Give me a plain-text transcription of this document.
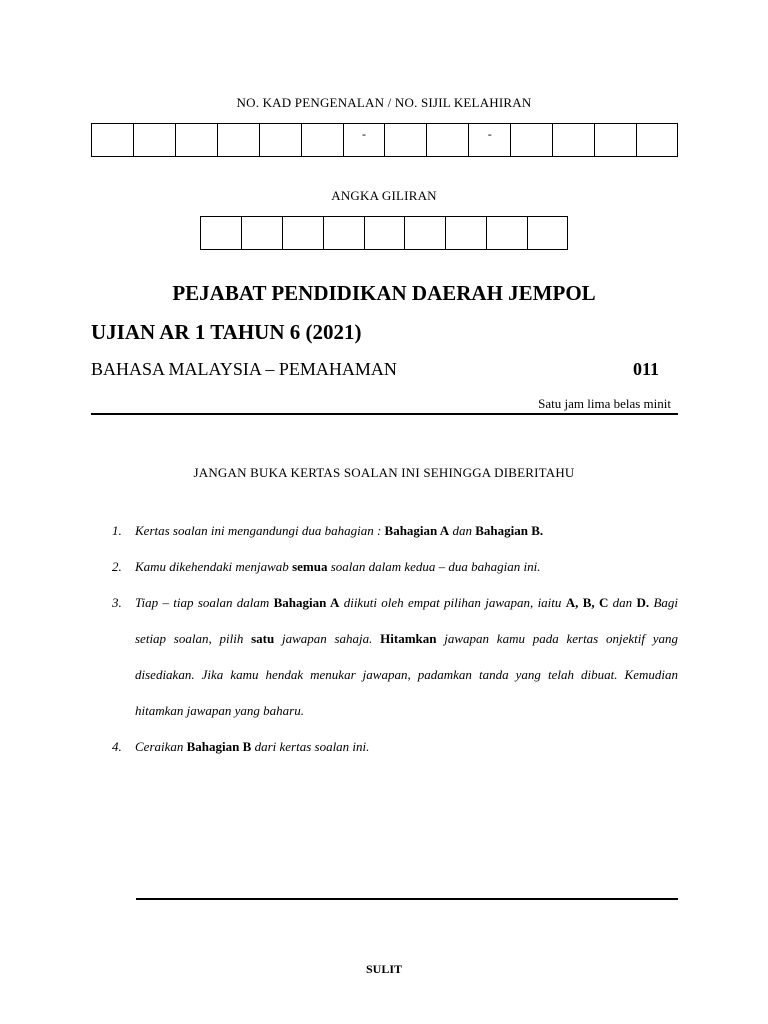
NO. KAD PENGENALAN / NO. SIJIL KELAHIRAN
-	-
ANGKA GILIRAN
PEJABAT PENDIDIKAN DAERAH JEMPOL
UJIAN AR 1 TAHUN 6 (2021)
BAHASA MALAYSIA – PEMAHAMAN	011
Satu jam lima belas minit
JANGAN BUKA KERTAS SOALAN INI SEHINGGA DIBERITAHU
1. Kertas soalan ini mengandungi dua bahagian : Bahagian A dan Bahagian B.
2. Kamu dikehendaki menjawab semua soalan dalam kedua – dua bahagian ini.
3. Tiap – tiap soalan dalam Bahagian A diikuti oleh empat pilihan jawapan, iaitu A, B, C dan D. Bagi setiap soalan, pilih satu jawapan sahaja. Hitamkan jawapan kamu pada kertas onjektif yang disediakan. Jika kamu hendak menukar jawapan, padamkan tanda yang telah dibuat. Kemudian hitamkan jawapan yang baharu.
4. Ceraikan Bahagian B dari kertas soalan ini.
SULIT
